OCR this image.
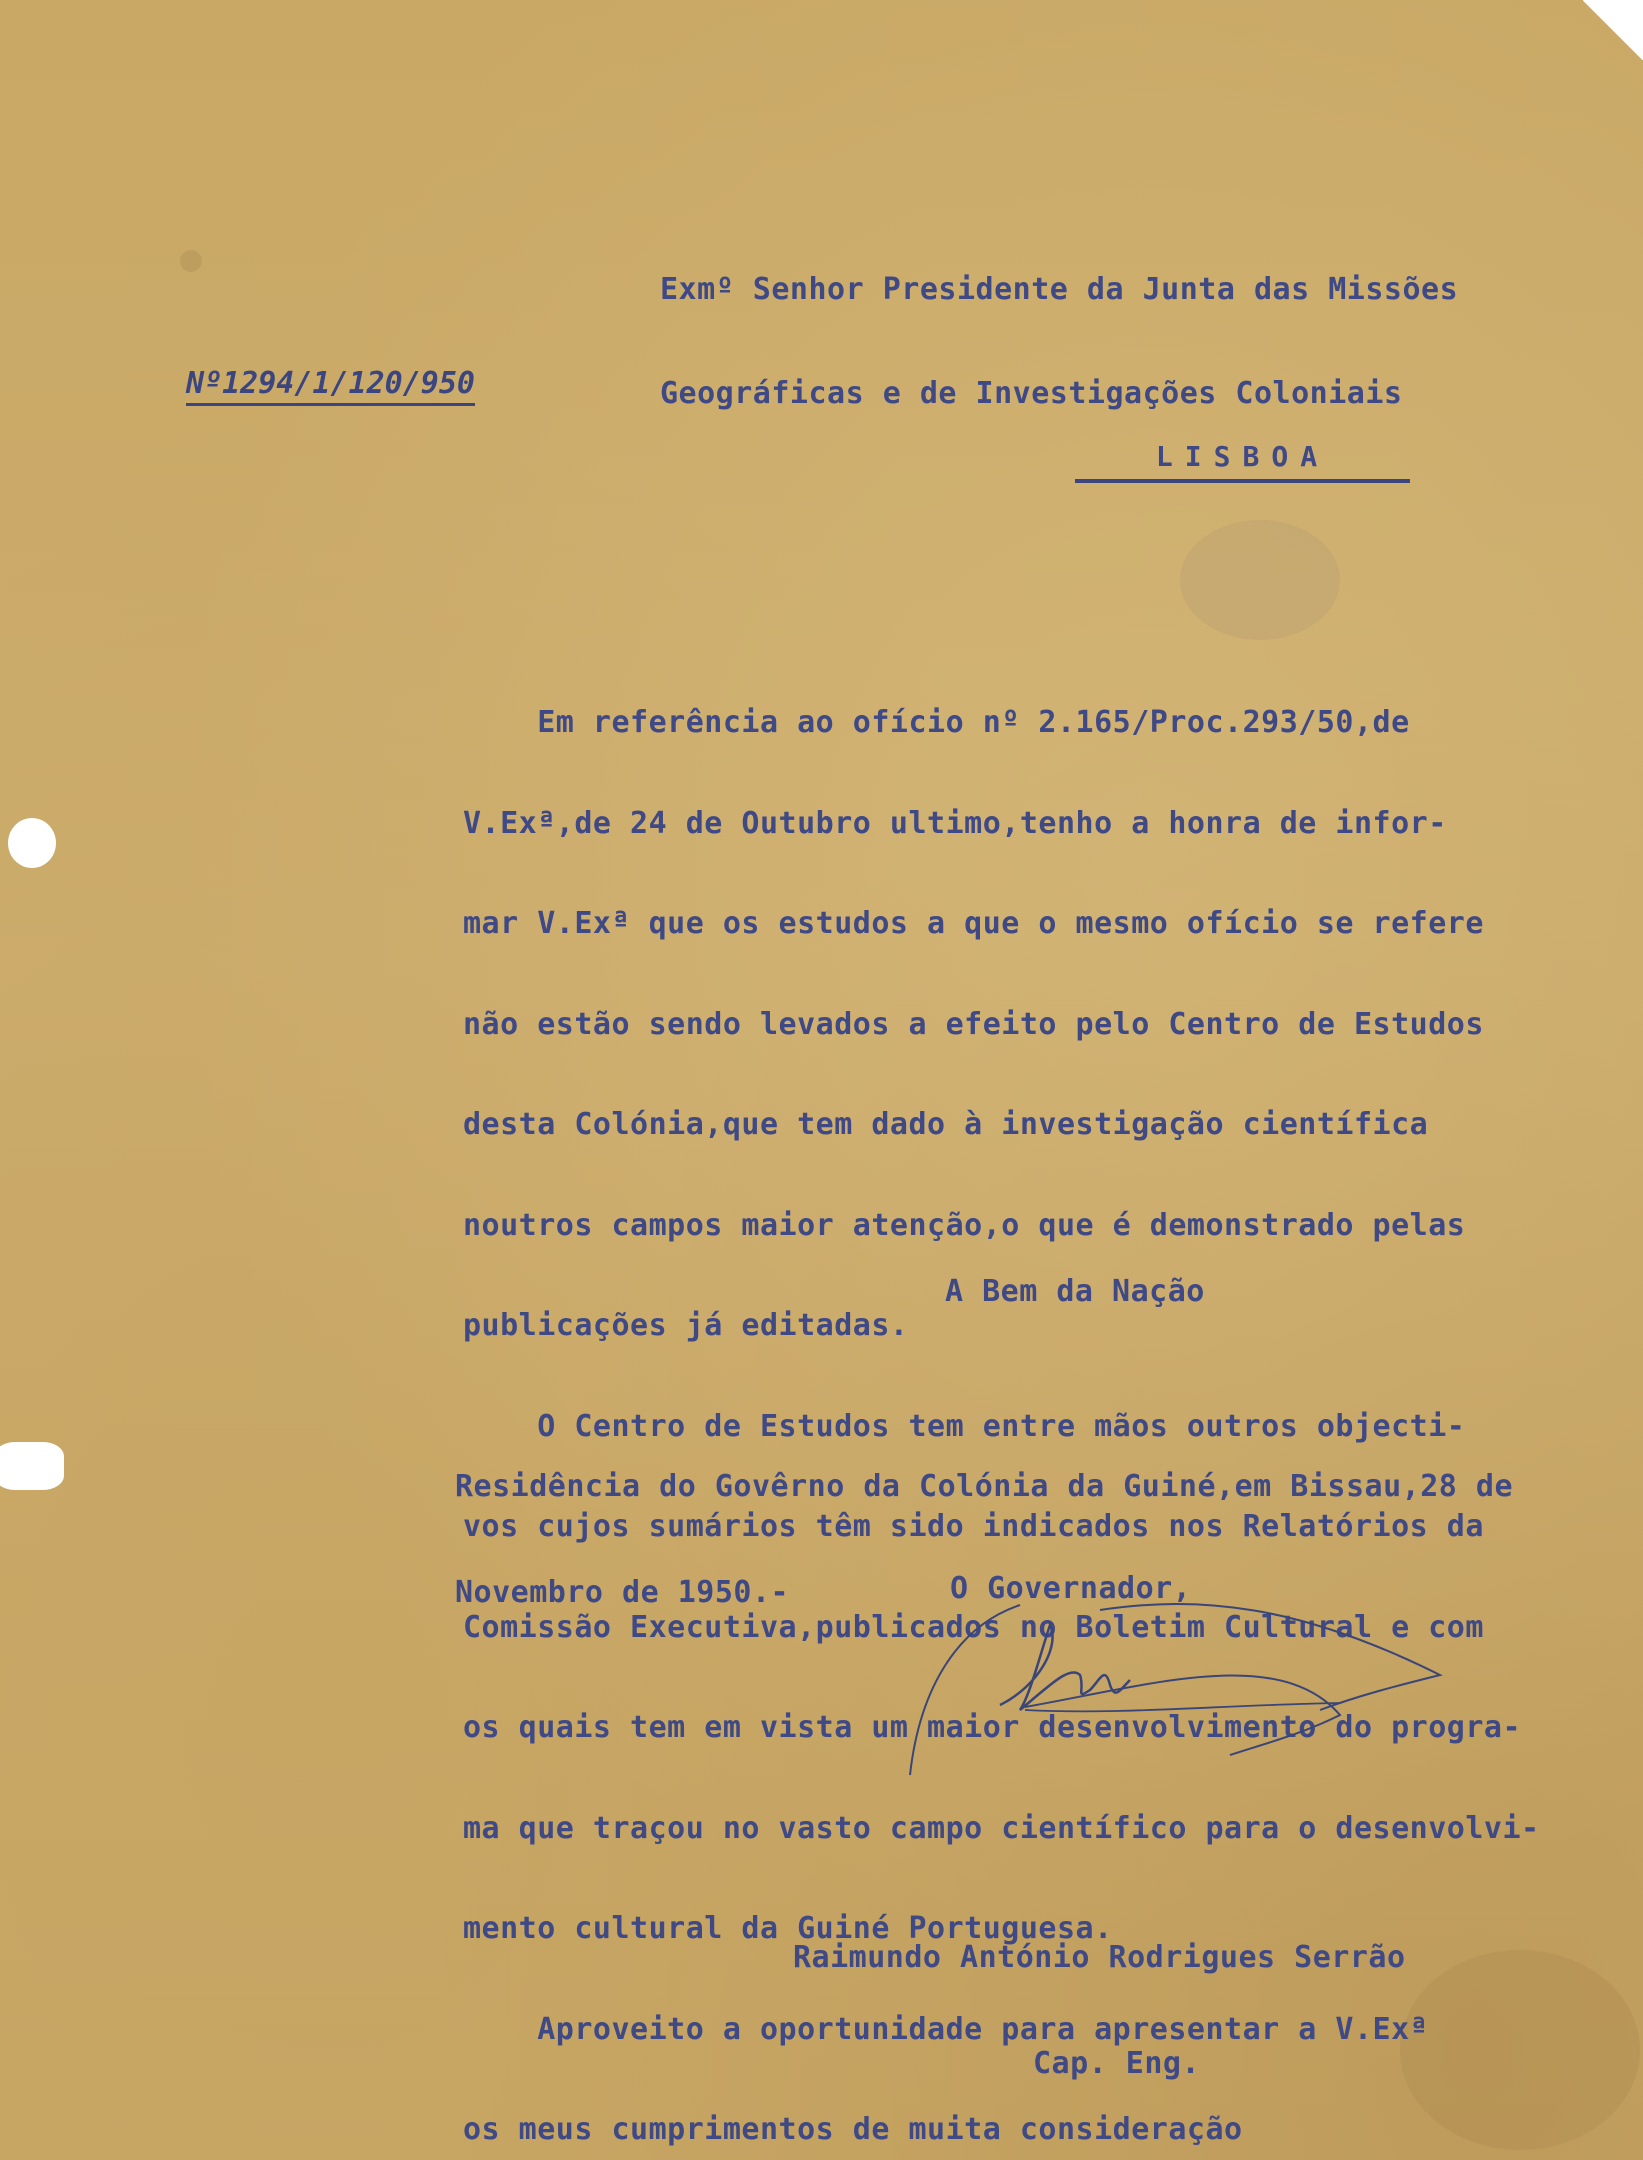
Exmº Senhor Presidente da Junta das Missões

Geográficas e de Investigações Coloniais

Nº1294/1/120/950
LISBOA

Em referência ao ofício nº 2.165/Proc.293/50,de

V.Exª,de 24 de Outubro ultimo,tenho a honra de infor-

mar V.Exª que os estudos a que o mesmo ofício se refere

não estão sendo levados a efeito pelo Centro de Estudos

desta Colónia,que tem dado à investigação científica

noutros campos maior atenção,o que é demonstrado pelas

publicações já editadas.

O Centro de Estudos tem entre mãos outros objecti-

vos cujos sumários têm sido indicados nos Relatórios da

Comissão Executiva,publicados no Boletim Cultural e com

os quais tem em vista um maior desenvolvimento do progra-

ma que traçou no vasto campo científico para o desenvolvi-

mento cultural da Guiné Portuguesa.

Aproveito a oportunidade para apresentar a V.Exª

os meus cumprimentos de muita consideração

A Bem da Nação

Residência do Govêrno da Colónia da Guiné,em Bissau,28 de

Novembro de 1950.-

	O Governador,

Raimundo António Rodrigues Serrão

Cap. Eng.
